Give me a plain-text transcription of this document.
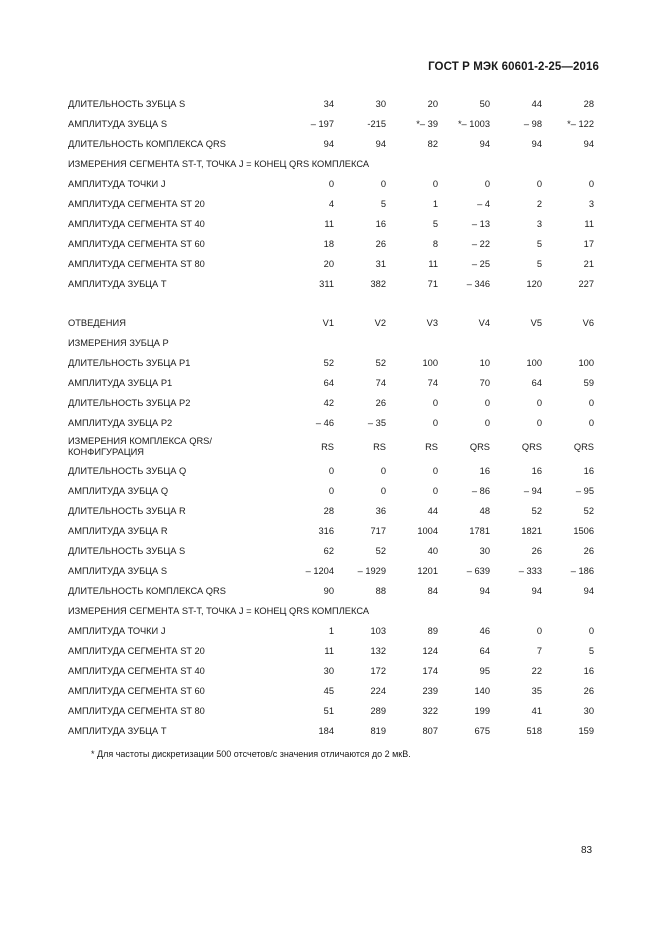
ГОСТ Р МЭК 60601-2-25—2016
ДЛИТЕЛЬНОСТЬ ЗУБЦА S	34	30	20	50	44	28
АМПЛИТУДА ЗУБЦА S	– 197	-215	*– 39	*– 1003	– 98	*– 122
ДЛИТЕЛЬНОСТЬ КОМПЛЕКСА QRS	94	94	82	94	94	94
ИЗМЕРЕНИЯ СЕГМЕНТА ST-T, ТОЧКА J = КОНЕЦ QRS КОМПЛЕКСА						
АМПЛИТУДА ТОЧКИ J	0	0	0	0	0	0
АМПЛИТУДА СЕГМЕНТА ST 20	4	5	1	– 4	2	3
АМПЛИТУДА СЕГМЕНТА ST 40	11	16	5	– 13	3	11
АМПЛИТУДА СЕГМЕНТА ST 60	18	26	8	– 22	5	17
АМПЛИТУДА СЕГМЕНТА ST 80	20	31	11	– 25	5	21
АМПЛИТУДА ЗУБЦА Т	311	382	71	– 346	120	227
ОТВЕДЕНИЯ	V1	V2	V3	V4	V5	V6
ИЗМЕРЕНИЯ ЗУБЦА Р						
ДЛИТЕЛЬНОСТЬ ЗУБЦА Р1	52	52	100	10	100	100
АМПЛИТУДА ЗУБЦА Р1	64	74	74	70	64	59
ДЛИТЕЛЬНОСТЬ ЗУБЦА Р2	42	26	0	0	0	0
АМПЛИТУДА ЗУБЦА Р2	– 46	– 35	0	0	0	0
ИЗМЕРЕНИЯ КОМПЛЕКСА QRS/КОНФИГУРАЦИЯ	RS	RS	RS	QRS	QRS	QRS
ДЛИТЕЛЬНОСТЬ ЗУБЦА Q	0	0	0	16	16	16
АМПЛИТУДА ЗУБЦА Q	0	0	0	– 86	– 94	– 95
ДЛИТЕЛЬНОСТЬ ЗУБЦА R	28	36	44	48	52	52
АМПЛИТУДА ЗУБЦА R	316	717	1004	1781	1821	1506
ДЛИТЕЛЬНОСТЬ ЗУБЦА S	62	52	40	30	26	26
АМПЛИТУДА ЗУБЦА S	– 1204	– 1929	1201	– 639	– 333	– 186
ДЛИТЕЛЬНОСТЬ КОМПЛЕКСА QRS	90	88	84	94	94	94
ИЗМЕРЕНИЯ СЕГМЕНТА ST-T, ТОЧКА J = КОНЕЦ QRS КОМПЛЕКСА						
АМПЛИТУДА ТОЧКИ J	1	103	89	46	0	0
АМПЛИТУДА СЕГМЕНТА ST 20	11	132	124	64	7	5
АМПЛИТУДА СЕГМЕНТА ST 40	30	172	174	95	22	16
АМПЛИТУДА СЕГМЕНТА ST 60	45	224	239	140	35	26
АМПЛИТУДА СЕГМЕНТА ST 80	51	289	322	199	41	30
АМПЛИТУДА ЗУБЦА Т	184	819	807	675	518	159
* Для частоты дискретизации 500 отсчетов/с значения отличаются до 2 мкВ.
83
